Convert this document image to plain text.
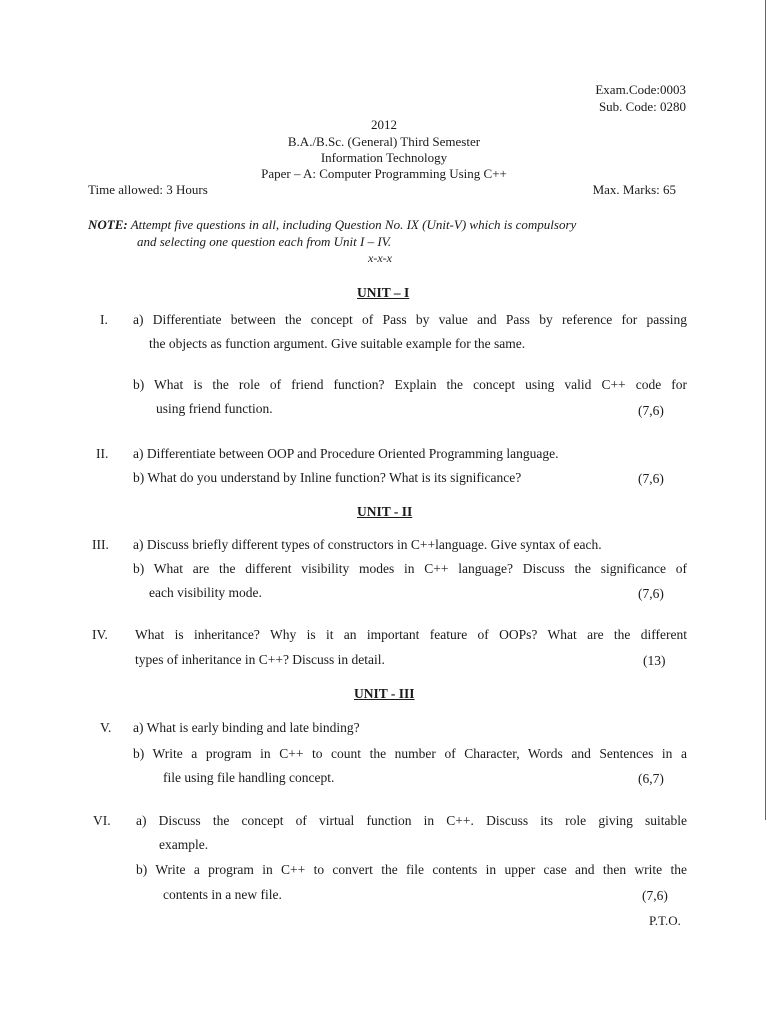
Exam.Code:0003
Sub. Code: 0280
2012
B.A./B.Sc. (General) Third Semester
Information Technology
Paper – A: Computer Programming Using C++
Time allowed: 3 Hours	Max. Marks: 65
NOTE: Attempt five questions in all, including Question No. IX (Unit-V) which is compulsory
and selecting one question each from Unit I – IV.
x-x-x
UNIT – I
I. a) Differentiate between the concept of Pass by value and Pass by reference for passing
the objects as function argument. Give suitable example for the same.
b) What is the role of friend function? Explain the concept using valid C++ code for
using friend function.	(7,6)
II. a) Differentiate between OOP and Procedure Oriented Programming language.
b) What do you understand by Inline function? What is its significance?	(7,6)
UNIT - II
III. a) Discuss briefly different types of constructors in C++language. Give syntax of each.
b) What are the different visibility modes in C++ language? Discuss the significance of
each visibility mode.	(7,6)
IV. What is inheritance? Why is it an important feature of OOPs? What are the different
types of inheritance in C++? Discuss in detail.	(13)
UNIT - III
V. a) What is early binding and late binding?
b) Write a program in C++ to count the number of Character, Words and Sentences in a
file using file handling concept.	(6,7)
VI. a) Discuss the concept of virtual function in C++. Discuss its role giving suitable
example.
b) Write a program in C++ to convert the file contents in upper case and then write the
contents in a new file.	(7,6)
P.T.O.
